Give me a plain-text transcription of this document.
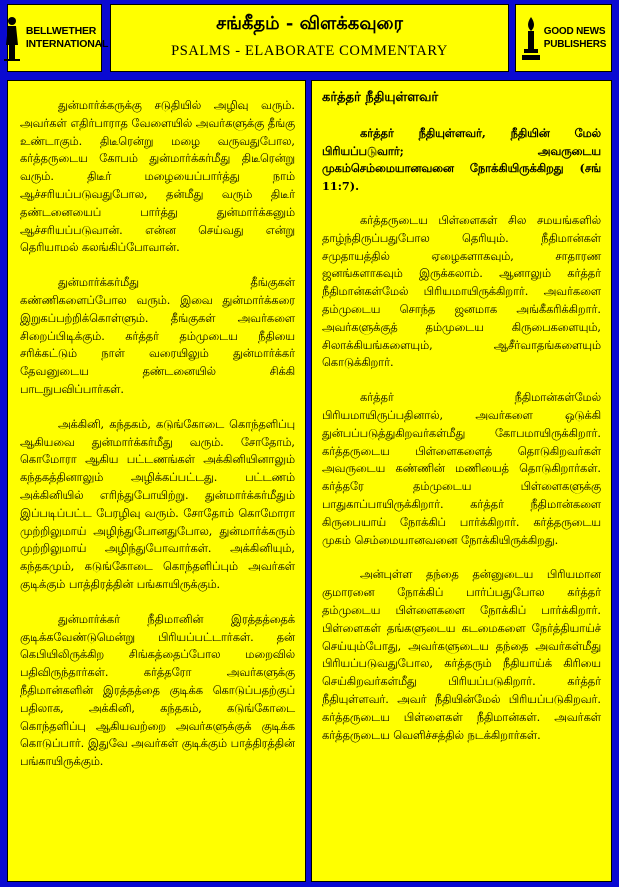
BELLWETHER
INTERNATIONAL
சங்கீதம் - விளக்கவுரை
PSALMS - ELABORATE COMMENTARY
GOOD NEWS
PUBLISHERS

துன்மார்க்கருக்கு சடுதியில் அழிவு வரும். அவர்கள் எதிர்பாராத வேளையில் அவர்களுக்கு தீங்கு உண்டாகும். திடீரென்று மழை வருவதுபோல, கர்த்தருடைய கோபம் துன்மார்க்கர்மீது திடீரென்று வரும். திடீர் மழையைப்பார்த்து நாம் ஆச்சரியப்படுவதுபோல, தன்மீது வரும் திடீர் தண்டனையைப் பார்த்து துன்மார்க்கனும் ஆச்சரியப்படுவான். என்ன செய்வது என்று தெரியாமல் கலங்கிப்போவான்.

துன்மார்க்கர்மீது தீங்குகள் கண்ணிகளைப்போல வரும். இவை துன்மார்க்கரை இறுகப்பற்றிக்கொள்ளும். தீங்குகள் அவர்களை சிறைப்பிடிக்கும். கர்த்தர் தம்முடைய நீதியை சரிக்கட்டும் நாள் வரையிலும் துன்மார்க்கர் தேவனுடைய தண்டனையில் சிக்கி பாடநுபவிப்பார்கள்.

அக்கினி, கந்தகம், கடுங்கோடை கொந்தளிப்பு ஆகியவை துன்மார்க்கர்மீது வரும். சோதோம், கொமோரா ஆகிய பட்டணங்கள் அக்கினியினாலும் கந்தகத்தினாலும் அழிக்கப்பட்டது. பட்டணம் அக்கினியில் எரிந்துபோயிற்று. துன்மார்க்கர்மீதும் இப்படிப்பட்ட பேரழிவு வரும். சோதோம் கொமோரா முற்றிலுமாய் அழிந்துபோனதுபோல, துன்மார்க்கரும் முற்றிலுமாய் அழிந்துபோவார்கள். அக்கினியும், கந்தகமும், கடுங்கோடை கொந்தளிப்பும் அவர்கள் குடிக்கும் பாத்திரத்தின் பங்காயிருக்கும்.

துன்மார்க்கர் நீதிமானின் இரத்தத்தைக் குடிக்கவேண்டுமென்று பிரியப்பட்டார்கள். தன் கெபியிலிருக்கிற சிங்கத்தைப்போல மறைவில் பதிவிருந்தார்கள். கர்த்தரோ அவர்களுக்கு நீதிமான்களின் இரத்தத்தை குடிக்க கொடுப்பதற்குப் பதிலாக, அக்கினி, கந்தகம், கடுங்கோடை கொந்தளிப்பு ஆகியவற்றை அவர்களுக்குக் குடிக்க கொடுப்பார். இதுவே அவர்கள் குடிக்கும் பாத்திரத்தின் பங்காயிருக்கும்.

கர்த்தர் நீதியுள்ளவர்

கர்த்தர் நீதியுள்ளவர், நீதியின் மேல் பிரியப்படுவார்; அவருடைய முகம்செம்மையானவனை நோக்கியிருக்கிறது (சங் 11:7).

கர்த்தருடைய பிள்ளைகள் சில சமயங்களில் தாழ்ந்திருப்பதுபோல தெரியும். நீதிமான்கள் சமுதாயத்தில் ஏழைகளாகவும், சாதாரண ஜனங்களாகவும் இருக்கலாம். ஆனாலும் கர்த்தர் நீதிமான்கள்மேல் பிரியமாயிருக்கிறார். அவர்களை தம்முடைய சொந்த ஜனமாக அங்கீகரிக்கிறார். அவர்களுக்குத் தம்முடைய கிருபைகளையும், சிலாக்கியங்களையும், ஆசீர்வாதங்களையும் கொடுக்கிறார்.

கர்த்தர் நீதிமான்கள்மேல் பிரியமாயிருப்பதினால், அவர்களை ஒடுக்கி துன்பப்படுத்துகிறவர்கள்மீது கோபமாயிருக்கிறார். கர்த்தருடைய பிள்ளைகளைத் தொடுகிறவர்கள் அவருடைய கண்ணின் மணியைத் தொடுகிறார்கள். கர்த்தரே தம்முடைய பிள்ளைகளுக்கு பாதுகாப்பாயிருக்கிறார். கர்த்தர் நீதிமான்களை கிருபையாய் நோக்கிப் பார்க்கிறார். கர்த்தருடைய முகம் செம்மையானவனை நோக்கியிருக்கிறது.

அன்புள்ள தந்தை தன்னுடைய பிரியமான குமாரனை நோக்கிப் பார்ப்பதுபோல கர்த்தர் தம்முடைய பிள்ளைகளை நோக்கிப் பார்க்கிறார். பிள்ளைகள் தங்களுடைய கடமைகளை நேர்த்தியாய்ச் செய்யும்போது, அவர்களுடைய தந்தை அவர்கள்மீது பிரியப்படுவதுபோல, கர்த்தரும் நீதியாய்க் கிரியை செய்கிறவர்கள்மீது பிரியப்படுகிறார். கர்த்தர் நீதியுள்ளவர். அவர் நீதியின்மேல் பிரியப்படுகிறவர். கர்த்தருடைய பிள்ளைகள் நீதிமான்கள். அவர்கள் கர்த்தருடைய வெளிச்சத்தில் நடக்கிறார்கள்.
